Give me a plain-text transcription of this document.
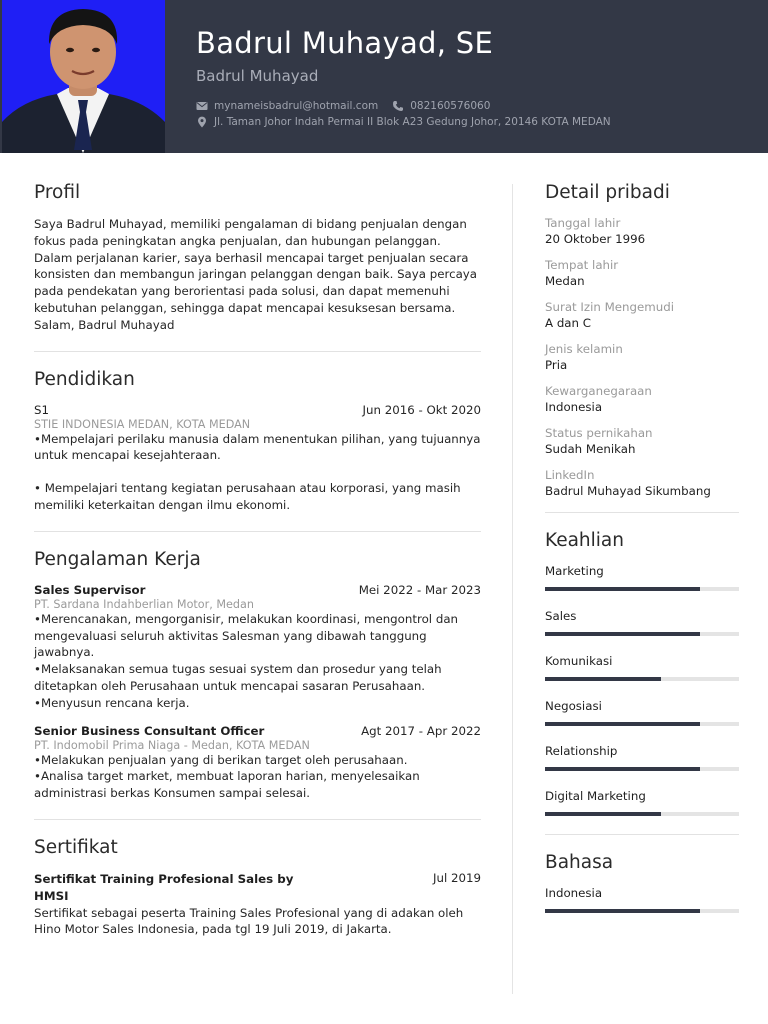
Badrul Muhayad, SE
Badrul Muhayad
mynameisbadrul@hotmail.com	082160576060
Jl. Taman Johor Indah Permai II Blok A23 Gedung Johor, 20146 KOTA MEDAN
Profil
Saya Badrul Muhayad, memiliki pengalaman di bidang penjualan dengan fokus pada peningkatan angka penjualan, dan hubungan pelanggan. Dalam perjalanan karier, saya berhasil mencapai target penjualan secara konsisten dan membangun jaringan pelanggan dengan baik. Saya percaya pada pendekatan yang berorientasi pada solusi, dan dapat memenuhi kebutuhan pelanggan, sehingga dapat mencapai kesuksesan bersama. Salam, Badrul Muhayad
Pendidikan
S1	Jun 2016 - Okt 2020
STIE INDONESIA MEDAN, KOTA MEDAN
•Mempelajari perilaku manusia dalam menentukan pilihan, yang tujuannya untuk mencapai kesejahteraan.
• Mempelajari tentang kegiatan perusahaan atau korporasi, yang masih memiliki keterkaitan dengan ilmu ekonomi.
Pengalaman Kerja
Sales Supervisor	Mei 2022 - Mar 2023
PT. Sardana Indahberlian Motor, Medan
•Merencanakan, mengorganisir, melakukan koordinasi, mengontrol dan mengevaluasi seluruh aktivitas Salesman yang dibawah tanggung jawabnya.
•Melaksanakan semua tugas sesuai system dan prosedur yang telah ditetapkan oleh Perusahaan untuk mencapai sasaran Perusahaan.
•Menyusun rencana kerja.
Senior Business Consultant Officer	Agt 2017 - Apr 2022
PT. Indomobil Prima Niaga - Medan, KOTA MEDAN
•Melakukan penjualan yang di berikan target oleh perusahaan.
•Analisa target market, membuat laporan harian, menyelesaikan administrasi berkas Konsumen sampai selesai.
Sertifikat
Sertifikat Training Profesional Sales by HMSI
Jul 2019
Sertifikat sebagai peserta Training Sales Profesional yang di adakan oleh Hino Motor Sales Indonesia, pada tgl 19 Juli 2019, di Jakarta.
Detail pribadi
Tanggal lahir
20 Oktober 1996
Tempat lahir
Medan
Surat Izin Mengemudi
A dan C
Jenis kelamin
Pria
Kewarganegaraan
Indonesia
Status pernikahan
Sudah Menikah
LinkedIn
Badrul Muhayad Sikumbang
Keahlian
Marketing
Sales
Komunikasi
Negosiasi
Relationship
Digital Marketing
Bahasa
Indonesia
